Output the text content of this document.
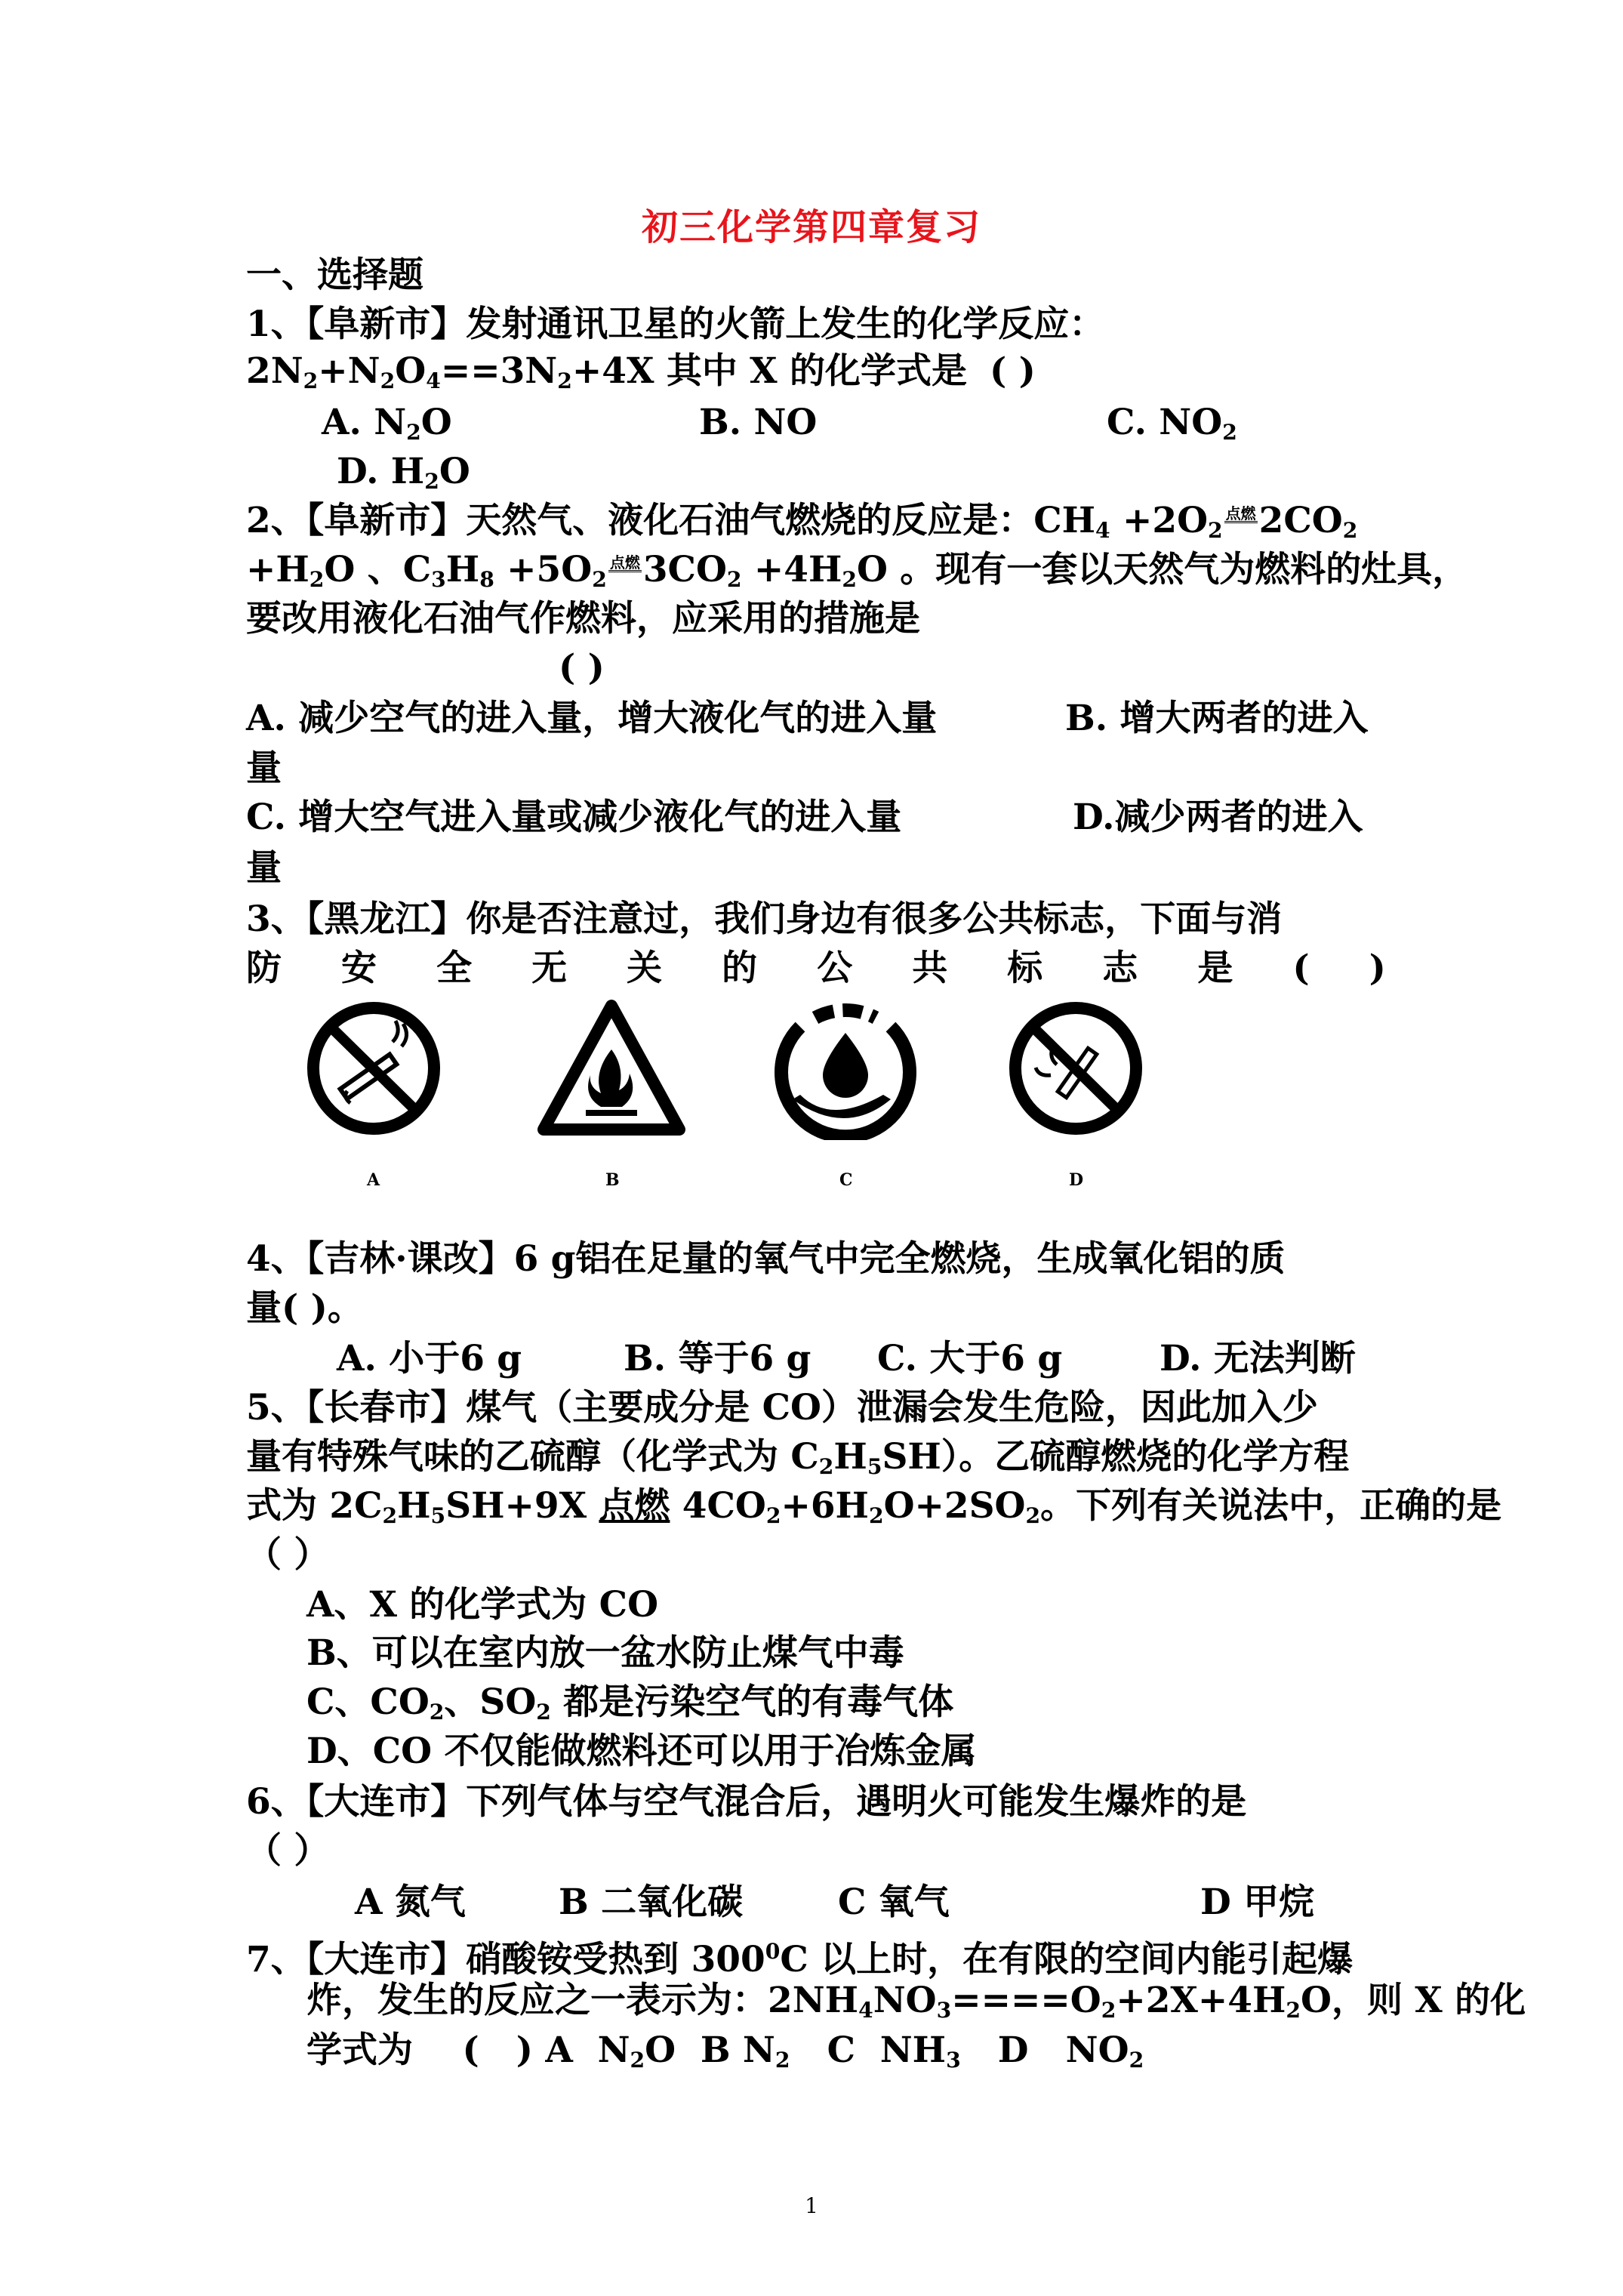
初三化学第四章复习
一、选择题
1、【阜新市】发射通讯卫星的火箭上发生的化学反应：
$2N_2+N_2O_4==3N_2+4X$ 其中 X 的化学式是 ( )
A. $N_2O$	B. NO	C. $NO_2$
D. $H_2O$
2、【阜新市】天然气、液化石油气燃烧的反应是：$CH_4 +2O_2$点燃$2CO_2$
$+H_2O$ 、$C_3H_8 +5O_2$点燃$3CO_2 +4H_2O$ 。现有一套以天然气为燃料的灶具，
要改用液化石油气作燃料，应采用的措施是
( )
A. 减少空气的进入量，增大液化气的进入量	B. 增大两者的进入
量
C. 增大空气进入量或减少液化气的进入量	D.减少两者的进入
量
3、【黑龙江】你是否注意过，我们身边有很多公共标志，下面与消
防 安 全 无 关 的 公 共 标 志 是 ( )
A	B	C	D
4、【吉林·课改】6 g铝在足量的氧气中完全燃烧，生成氧化铝的质
量( )。
A. 小于6 g	B. 等于6 g C. 大于6 g	D. 无法判断
5、【长春市】煤气（主要成分是 CO）泄漏会发生危险，因此加入少
量有特殊气味的乙硫醇（化学式为 $C_2H_5SH$）。乙硫醇燃烧的化学方程
式为 $2C_2H_5SH+9X$ 点燃 $4CO_2+6H_2O+2SO_2$。下列有关说法中，正确的是
（ ）
A、X 的化学式为 CO
B、可以在室内放一盆水防止煤气中毒
C、$CO_2$、$SO_2$ 都是污染空气的有毒气体
D、CO 不仅能做燃料还可以用于冶炼金属
6、【大连市】下列气体与空气混合后，遇明火可能发生爆炸的是
（ ）
A 氮气	B 二氧化碳	C 氧气	D 甲烷
7、【大连市】硝酸铵受热到 $300^0C$ 以上时，在有限的空间内能引起爆
炸，发生的反应之一表示为：$2NH_4NO_3====O_2+2X+4H_2O$，则 X 的化
学式为    (   ) A  $N_2O$  B $N_2$   C  $NH_3$   D   $NO_2$
1
